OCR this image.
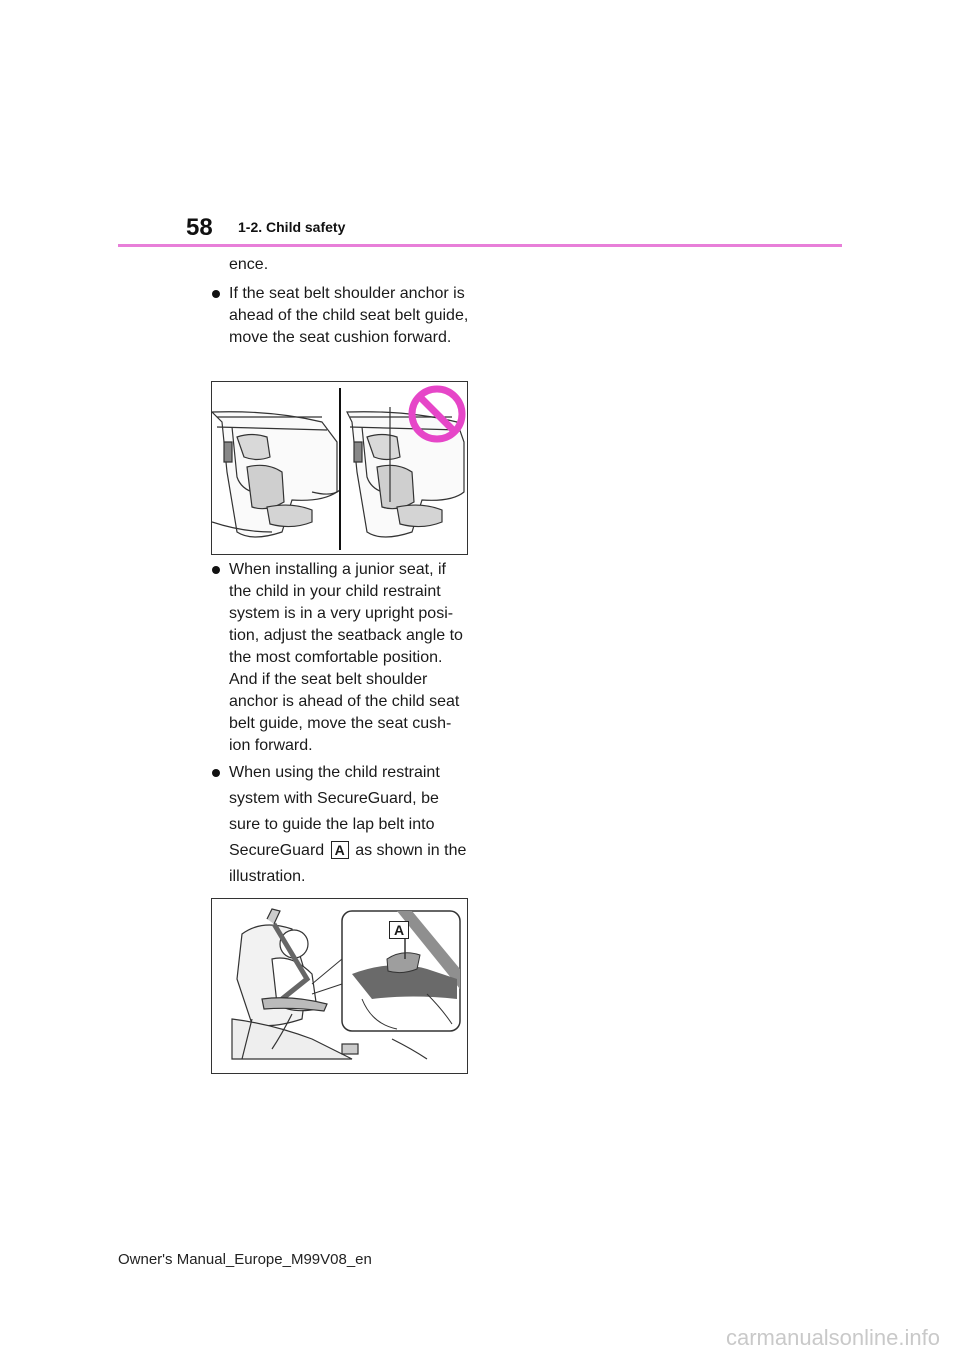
58 1-2. Child safety
ence.
If the seat belt shoulder anchor is ahead of the child seat belt guide, move the seat cushion forward.
When installing a junior seat, if the child in your child restraint system is in a very upright posi-tion, adjust the seatback angle to the most comfortable position. And if the seat belt shoulder anchor is ahead of the child seat belt guide, move the seat cush-ion forward.
When using the child restraint system with SecureGuard, be sure to guide the lap belt into SecureGuard A as shown in the illustration.
A
Owner's Manual_Europe_M99V08_en
carmanualsonline.info
